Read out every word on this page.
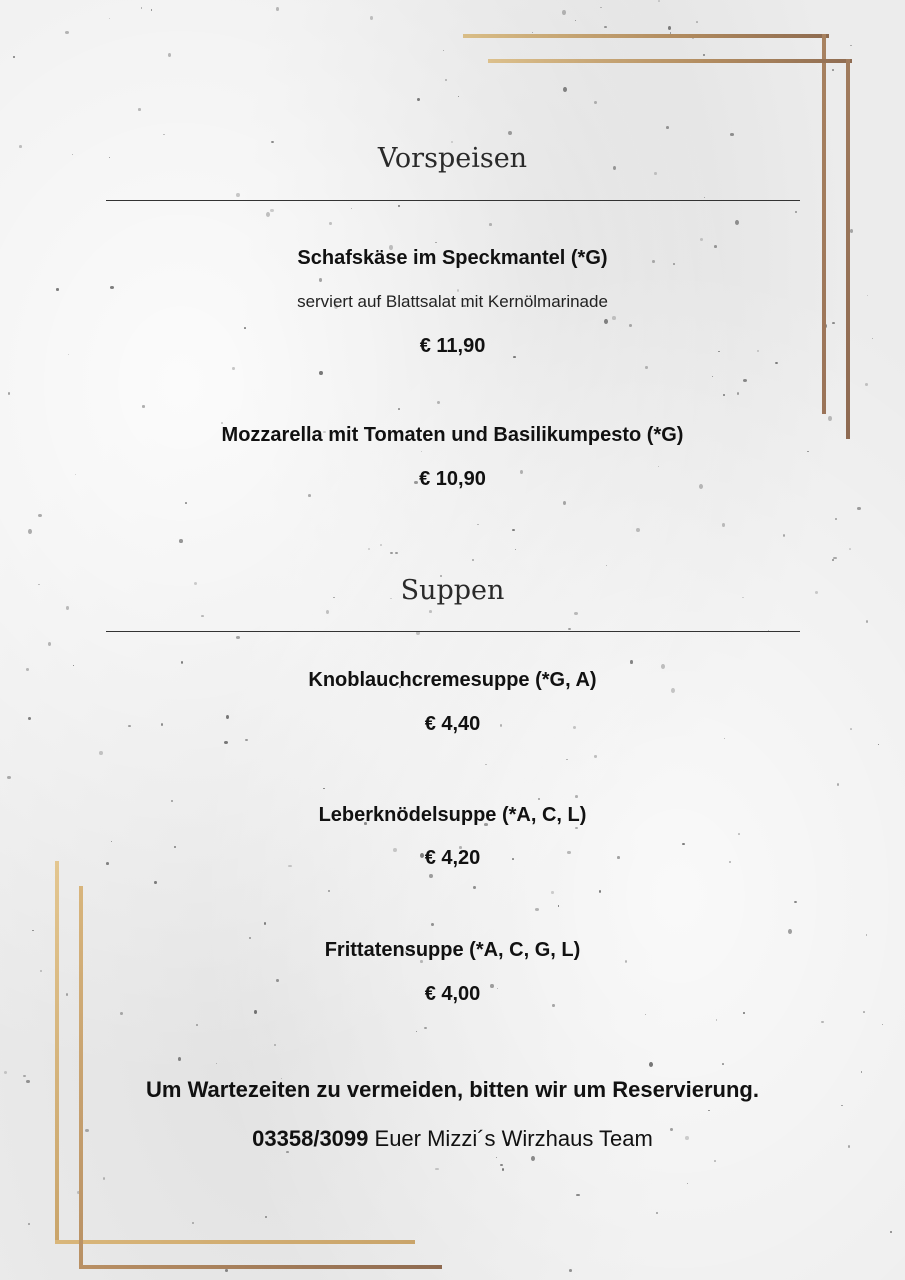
Vorspeisen
Schafskäse im Speckmantel (*G)
serviert auf Blattsalat mit Kernölmarinade
€ 11,90
Mozzarella mit Tomaten und Basilikumpesto (*G)
€ 10,90
Suppen
Knoblauchcremesuppe (*G, A)
€ 4,40
Leberknödelsuppe (*A, C, L)
€ 4,20
Frittatensuppe (*A, C, G, L)
€ 4,00
Um Wartezeiten zu vermeiden, bitten wir um Reservierung.
03358/3099 Euer Mizzi´s Wirzhaus Team
